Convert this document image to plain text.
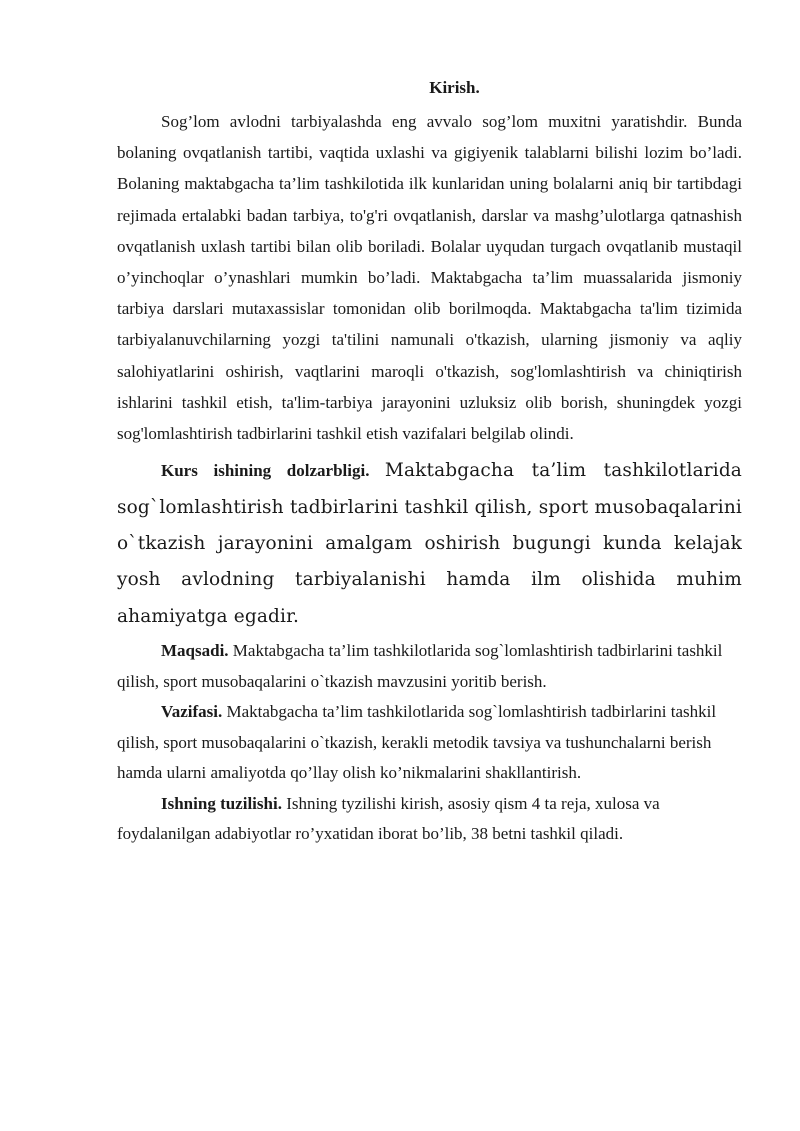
Kirish.

Sog’lom avlodni tarbiyalashda eng avvalo sog’lom muxitni yaratishdir. Bunda bolaning ovqatlanish tartibi, vaqtida uxlashi va gigiyenik talablarni bilishi lozim bo’ladi. Bolaning maktabgacha ta’lim tashkilotida ilk kunlaridan uning bolalarni aniq bir tartibdagi rejimada ertalabki badan tarbiya, to'g'ri ovqatlanish, darslar va mashg’ulotlarga qatnashish ovqatlanish uxlash tartibi bilan olib boriladi. Bolalar uyqudan turgach ovqatlanib mustaqil o’yinchoqlar o’ynashlari mumkin bo’ladi. Maktabgacha ta’lim muassalarida jismoniy tarbiya darslari mutaxassislar tomonidan olib borilmoqda. Maktabgacha ta'lim tizimida tarbiyalanuvchilarning yozgi ta'tilini namunali o'tkazish, ularning jismoniy va aqliy salohiyatlarini oshirish, vaqtlarini maroqli o'tkazish, sog'lomlashtirish va chiniqtirish ishlarini tashkil etish, ta'lim-tarbiya jarayonini uzluksiz olib borish, shuningdek yozgi sog'lomlashtirish tadbirlarini tashkil etish vazifalari belgilab olindi.

Kurs ishining dolzarbligi. Maktabgacha ta’lim tashkilotlarida sog`lomlashtirish tadbirlarini tashkil qilish, sport musobaqalarini o`tkazish jarayonini amalgam oshirish bugungi kunda kelajak yosh avlodning tarbiyalanishi hamda ilm olishida muhim ahamiyatga egadir.

Maqsadi. Maktabgacha ta’lim tashkilotlarida sog`lomlashtirish tadbirlarini tashkil qilish, sport musobaqalarini o`tkazish mavzusini yoritib berish.

Vazifasi. Maktabgacha ta’lim tashkilotlarida sog`lomlashtirish tadbirlarini tashkil qilish, sport musobaqalarini o`tkazish, kerakli metodik tavsiya va tushunchalarni berish hamda ularni amaliyotda qo’llay olish ko’nikmalarini shakllantirish.

Ishning tuzilishi. Ishning tyzilishi kirish, asosiy qism 4 ta reja, xulosa va foydalanilgan adabiyotlar ro’yxatidan iborat bo’lib, 38 betni tashkil qiladi.
